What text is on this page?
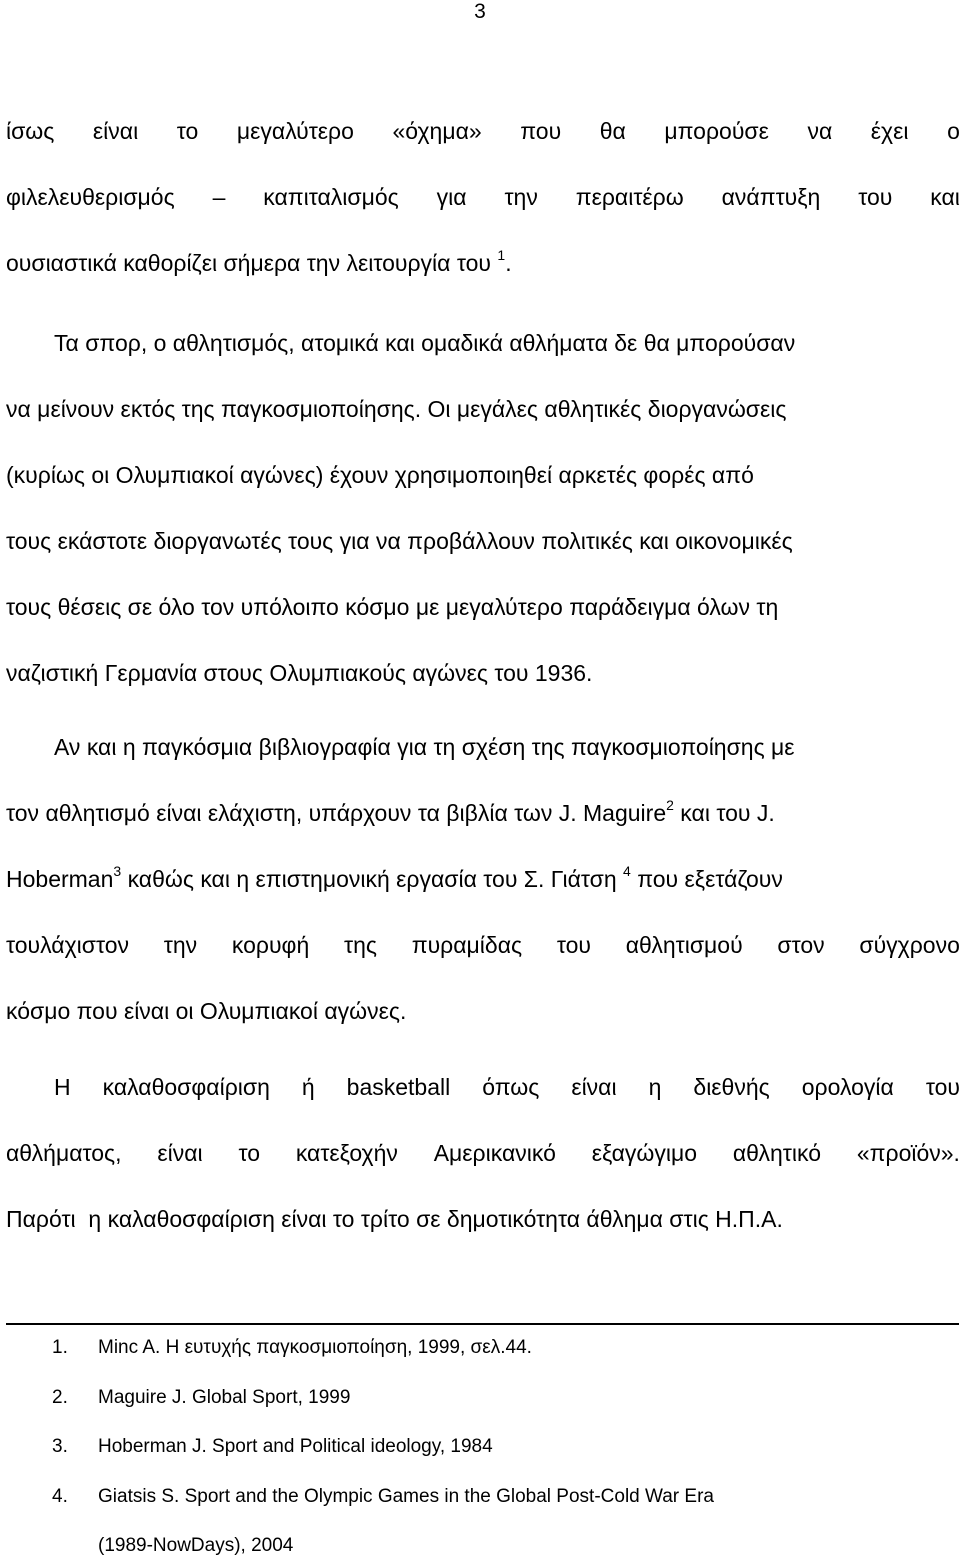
3
ίσως είναι το μεγαλύτερο «όχημα» που θα μπορούσε να έχει ο
φιλελευθερισμός – καπιταλισμός για την περαιτέρω ανάπτυξη του και
ουσιαστικά καθορίζει σήμερα την λειτουργία του $^1$.
Τα σπορ, ο αθλητισμός, ατομικά και ομαδικά αθλήματα δε θα μπορούσαν
να μείνουν εκτός της παγκοσμιοποίησης. Οι μεγάλες αθλητικές διοργανώσεις
(κυρίως οι Ολυμπιακοί αγώνες) έχουν χρησιμοποιηθεί αρκετές φορές από
τους εκάστοτε διοργανωτές τους για να προβάλλουν πολιτικές και οικονομικές
τους θέσεις σε όλο τον υπόλοιπο κόσμο με μεγαλύτερο παράδειγμα όλων τη
ναζιστική Γερμανία στους Ολυμπιακούς αγώνες του 1936.
Αν και η παγκόσμια βιβλιογραφία για τη σχέση της παγκοσμιοποίησης με
τον αθλητισμό είναι ελάχιστη, υπάρχουν τα βιβλία των J. Maguire$^2$ και του J.
Hoberman$^3$ καθώς και η επιστημονική εργασία του Σ. Γιάτση $^4$ που εξετάζουν
τουλάχιστον την κορυφή της πυραμίδας του αθλητισμού στον σύγχρονο
κόσμο που είναι οι Ολυμπιακοί αγώνες.
Η καλαθοσφαίριση ή basketball όπως είναι η διεθνής ορολογία του
αθλήματος, είναι το κατεξοχήν Αμερικανικό εξαγώγιμο αθλητικό «προϊόν».
Παρότι  η καλαθοσφαίριση είναι το τρίτο σε δημοτικότητα άθλημα στις Η.Π.Α.
1. Minc A. Η ευτυχής παγκοσμιοποίηση, 1999, σελ.44.
2. Maguire J. Global Sport, 1999
3. Hoberman J. Sport and Political ideology, 1984
4. Giatsis S. Sport and the Olympic Games in the Global Post-Cold War Era
(1989-NowDays), 2004
